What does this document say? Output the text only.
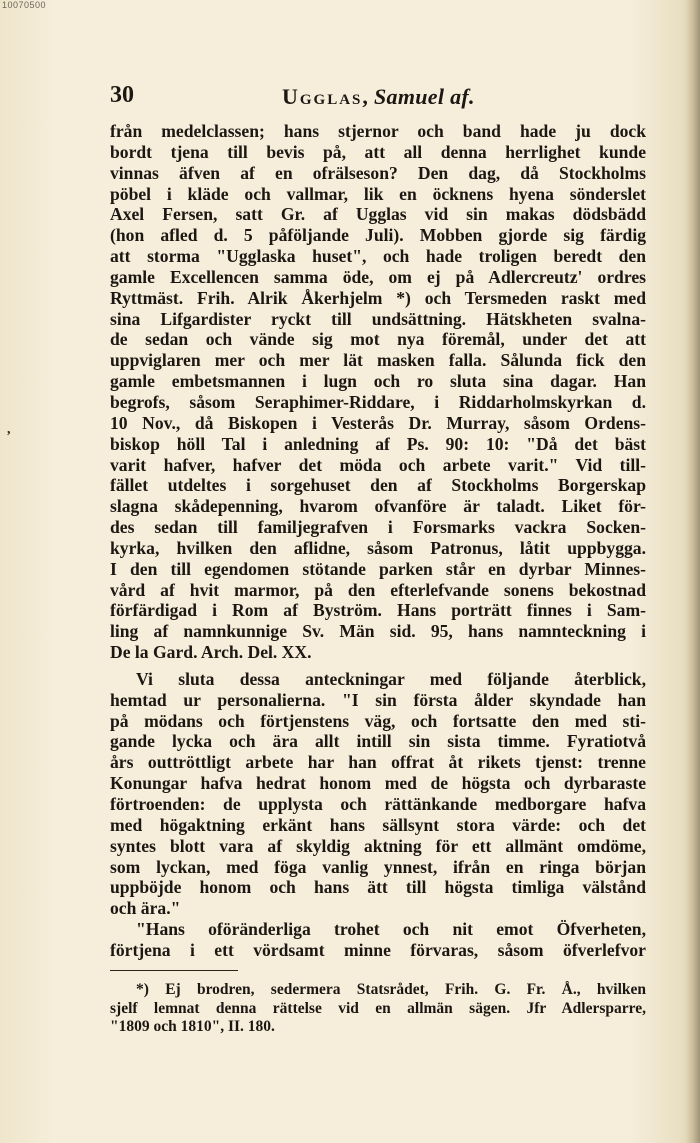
10070500
30	Ugglas, Samuel af.
från medelclassen; hans stjernor och band hade ju dock
bordt tjena till bevis på, att all denna herrlighet kunde
vinnas äfven af en ofrälseson? Den dag, då Stockholms
pöbel i kläde och vallmar, lik en öcknens hyena sönderslet
Axel Fersen, satt Gr. af Ugglas vid sin makas dödsbädd
(hon afled d. 5 påföljande Juli). Mobben gjorde sig färdig
att storma "Ugglaska huset", och hade troligen beredt den
gamle Excellencen samma öde, om ej på Adlercreutz' ordres
Ryttmäst. Frih. Alrik Åkerhjelm *) och Tersmeden raskt med
sina Lifgardister ryckt till undsättning. Hätskheten svalna-
de sedan och vände sig mot nya föremål, under det att
uppviglaren mer och mer lät masken falla. Sålunda fick den
gamle embetsmannen i lugn och ro sluta sina dagar. Han
begrofs, såsom Seraphimer-Riddare, i Riddarholmskyrkan d.
10 Nov., då Biskopen i Vesterås Dr. Murray, såsom Ordens-
biskop höll Tal i anledning af Ps. 90: 10: "Då det bäst
varit hafver, hafver det möda och arbete varit." Vid till-
fället utdeltes i sorgehuset den af Stockholms Borgerskap
slagna skådepenning, hvarom ofvanföre är taladt. Liket för-
des sedan till familjegrafven i Forsmarks vackra Socken-
kyrka, hvilken den aflidne, såsom Patronus, låtit uppbygga.
I den till egendomen stötande parken står en dyrbar Minnes-
vård af hvit marmor, på den efterlefvande sonens bekostnad
förfärdigad i Rom af Byström. Hans porträtt finnes i Sam-
ling af namnkunnige Sv. Män sid. 95, hans namnteckning i
De la Gard. Arch. Del. XX.
Vi sluta dessa anteckningar med följande återblick,
hemtad ur personalierna. "I sin första ålder skyndade han
på mödans och förtjenstens väg, och fortsatte den med sti-
gande lycka och ära allt intill sin sista timme. Fyratiotvå
års outtröttligt arbete har han offrat åt rikets tjenst: trenne
Konungar hafva hedrat honom med de högsta och dyrbaraste
förtroenden: de upplysta och rättänkande medborgare hafva
med högaktning erkänt hans sällsynt stora värde: och det
syntes blott vara af skyldig aktning för ett allmänt omdöme,
som lyckan, med föga vanlig ynnest, ifrån en ringa början
uppböjde honom och hans ätt till högsta timliga välstånd
och ära."
"Hans oföränderliga trohet och nit emot Öfverheten,
förtjena i ett vördsamt minne förvaras, såsom öfverlefvor
*) Ej brodren, sedermera Statsrådet, Frih. G. Fr. Å., hvilken
sjelf lemnat denna rättelse vid en allmän sägen. Jfr Adlersparre,
"1809 och 1810", II. 180.
,
